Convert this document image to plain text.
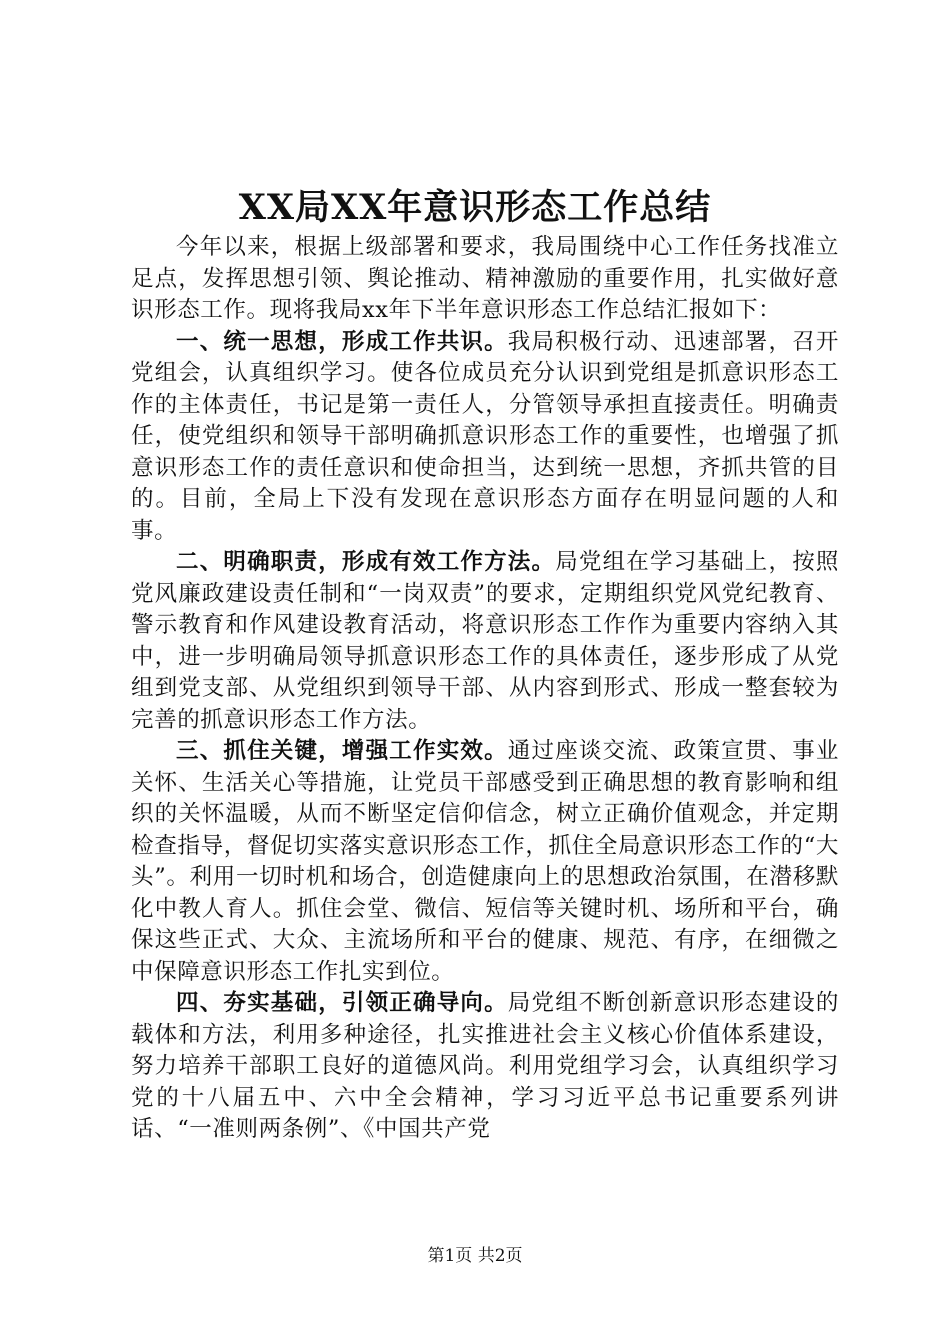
XX局XX年意识形态工作总结

今年以来，根据上级部署和要求，我局围绕中心工作任务找准立足点，发挥思想引领、舆论推动、精神激励的重要作用，扎实做好意识形态工作。现将我局xx年下半年意识形态工作总结汇报如下：

一、统一思想，形成工作共识。我局积极行动、迅速部署，召开党组会，认真组织学习。使各位成员充分认识到党组是抓意识形态工作的主体责任，书记是第一责任人，分管领导承担直接责任。明确责任，使党组织和领导干部明确抓意识形态工作的重要性，也增强了抓意识形态工作的责任意识和使命担当，达到统一思想，齐抓共管的目的。目前，全局上下没有发现在意识形态方面存在明显问题的人和事。

二、明确职责，形成有效工作方法。局党组在学习基础上，按照党风廉政建设责任制和“一岗双责”的要求，定期组织党风党纪教育、警示教育和作风建设教育活动，将意识形态工作作为重要内容纳入其中，进一步明确局领导抓意识形态工作的具体责任，逐步形成了从党组到党支部、从党组织到领导干部、从内容到形式、形成一整套较为完善的抓意识形态工作方法。

三、抓住关键，增强工作实效。通过座谈交流、政策宣贯、事业关怀、生活关心等措施，让党员干部感受到正确思想的教育影响和组织的关怀温暖，从而不断坚定信仰信念，树立正确价值观念，并定期检查指导，督促切实落实意识形态工作，抓住全局意识形态工作的“大头”。利用一切时机和场合，创造健康向上的思想政治氛围，在潜移默化中教人育人。抓住会堂、微信、短信等关键时机、场所和平台，确保这些正式、大众、主流场所和平台的健康、规范、有序，在细微之中保障意识形态工作扎实到位。

四、夯实基础，引领正确导向。局党组不断创新意识形态建设的载体和方法，利用多种途径，扎实推进社会主义核心价值体系建设，努力培养干部职工良好的道德风尚。利用党组学习会，认真组织学习党的十八届五中、六中全会精神，学习习近平总书记重要系列讲话、“一准则两条例”、《中国共产党

第1页 共2页
